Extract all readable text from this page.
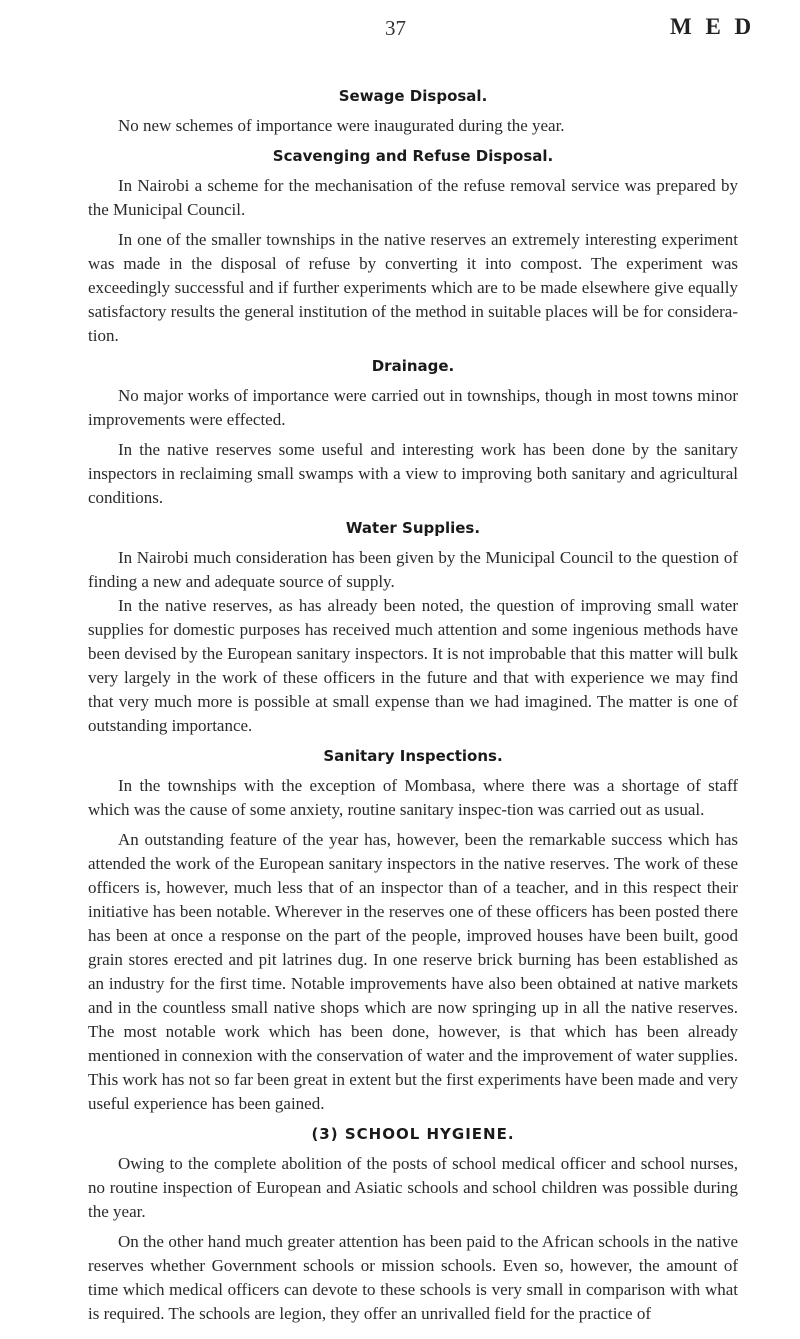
37	M E D
Sewage Disposal.

No new schemes of importance were inaugurated during the year.

Scavenging and Refuse Disposal.

In Nairobi a scheme for the mechanisation of the refuse removal service was prepared by the Municipal Council.

In one of the smaller townships in the native reserves an extremely interesting experiment was made in the disposal of refuse by converting it into compost. The experiment was exceedingly successful and if further experiments which are to be made elsewhere give equally satisfactory results the general institution of the method in suitable places will be for considera-tion.

Drainage.

No major works of importance were carried out in townships, though in most towns minor improvements were effected.

In the native reserves some useful and interesting work has been done by the sanitary inspectors in reclaiming small swamps with a view to improving both sanitary and agricultural conditions.

Water Supplies.

In Nairobi much consideration has been given by the Municipal Council to the question of finding a new and adequate source of supply.

In the native reserves, as has already been noted, the question of improving small water supplies for domestic purposes has received much attention and some ingenious methods have been devised by the European sanitary inspectors. It is not improbable that this matter will bulk very largely in the work of these officers in the future and that with experience we may find that very much more is possible at small expense than we had imagined. The matter is one of outstanding importance.

Sanitary Inspections.

In the townships with the exception of Mombasa, where there was a shortage of staff which was the cause of some anxiety, routine sanitary inspec-tion was carried out as usual.

An outstanding feature of the year has, however, been the remarkable success which has attended the work of the European sanitary inspectors in the native reserves. The work of these officers is, however, much less that of an inspector than of a teacher, and in this respect their initiative has been notable. Wherever in the reserves one of these officers has been posted there has been at once a response on the part of the people, improved houses have been built, good grain stores erected and pit latrines dug. In one reserve brick burning has been established as an industry for the first time. Notable improvements have also been obtained at native markets and in the countless small native shops which are now springing up in all the native reserves. The most notable work which has been done, however, is that which has been already mentioned in connexion with the conservation of water and the improvement of water supplies. This work has not so far been great in extent but the first experiments have been made and very useful experience has been gained.

(3) SCHOOL HYGIENE.

Owing to the complete abolition of the posts of school medical officer and school nurses, no routine inspection of European and Asiatic schools and school children was possible during the year.

On the other hand much greater attention has been paid to the African schools in the native reserves whether Government schools or mission schools. Even so, however, the amount of time which medical officers can devote to these schools is very small in comparison with what is required. The schools are legion, they offer an unrivalled field for the practice of
